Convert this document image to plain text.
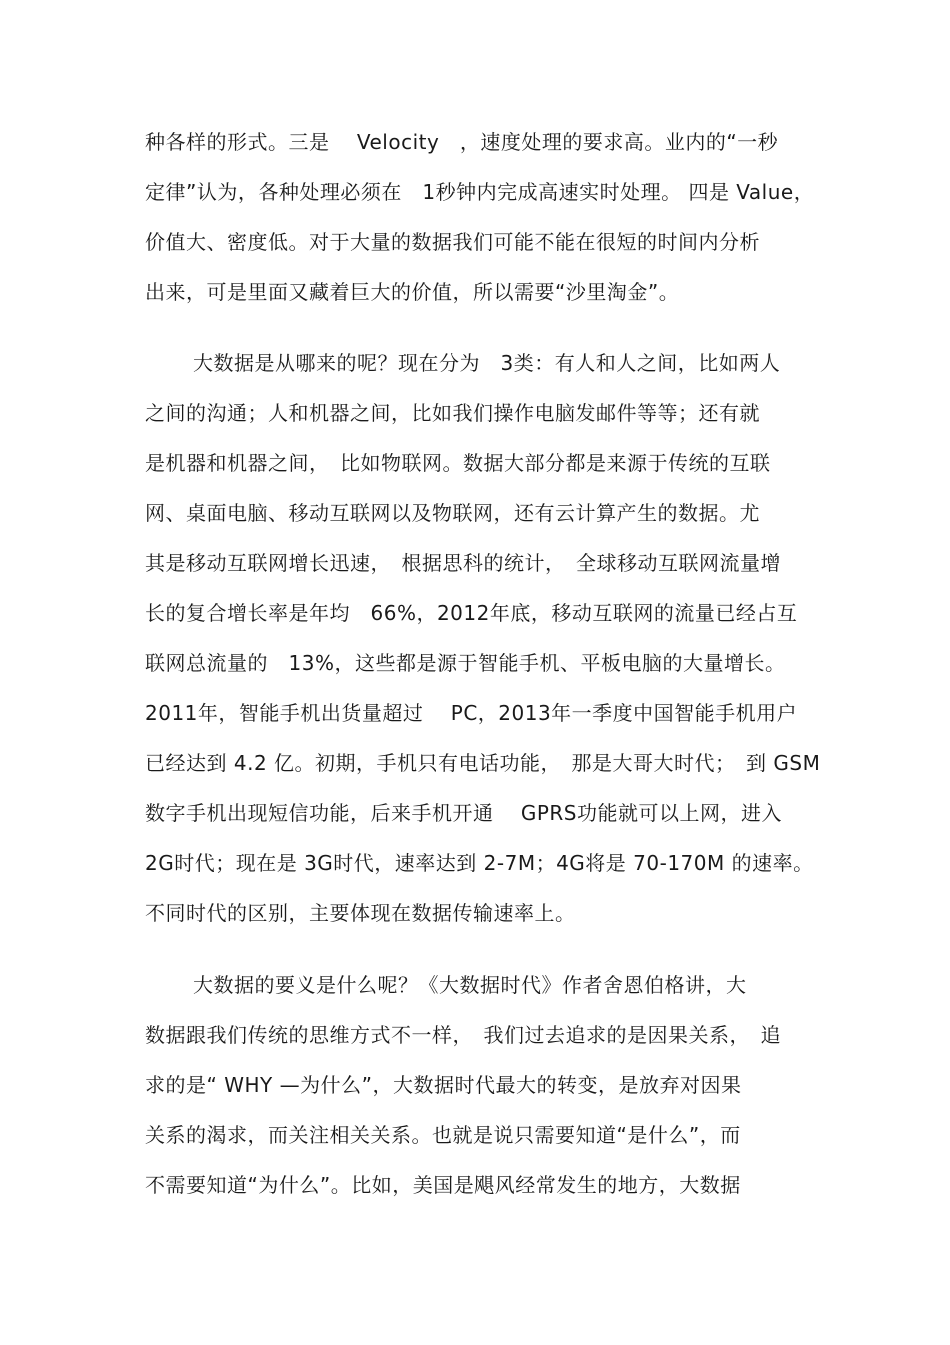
种各样的形式。三是　 Velocity　，速度处理的要求高。业内的“一秒
定律”认为，各种处理必须在　1秒钟内完成高速实时处理。 四是 Value，
价值大、密度低。对于大量的数据我们可能不能在很短的时间内分析
出来，可是里面又藏着巨大的价值，所以需要“沙里淘金”。
大数据是从哪来的呢？现在分为　3类：有人和人之间，比如两人
之间的沟通；人和机器之间，比如我们操作电脑发邮件等等；还有就
是机器和机器之间，　比如物联网。数据大部分都是来源于传统的互联
网、桌面电脑、移动互联网以及物联网，还有云计算产生的数据。尤
其是移动互联网增长迅速，　根据思科的统计，　全球移动互联网流量增
长的复合增长率是年均　66%，2012年底，移动互联网的流量已经占互
联网总流量的　13%，这些都是源于智能手机、平板电脑的大量增长。
2011年，智能手机出货量超过　 PC，2013年一季度中国智能手机用户
已经达到 4.2 亿。初期，手机只有电话功能，　那是大哥大时代；　到 GSM
数字手机出现短信功能，后来手机开通　 GPRS功能就可以上网，进入
2G时代；现在是 3G时代，速率达到 2-7M；4G将是 70-170M 的速率。
不同时代的区别，主要体现在数据传输速率上。
大数据的要义是什么呢？《大数据时代》作者舍恩伯格讲，大
数据跟我们传统的思维方式不一样，　我们过去追求的是因果关系，　追
求的是“ WHY —为什么”，大数据时代最大的转变，是放弃对因果
关系的渴求，而关注相关关系。也就是说只需要知道“是什么”，而
不需要知道“为什么”。比如，美国是飓风经常发生的地方，大数据
